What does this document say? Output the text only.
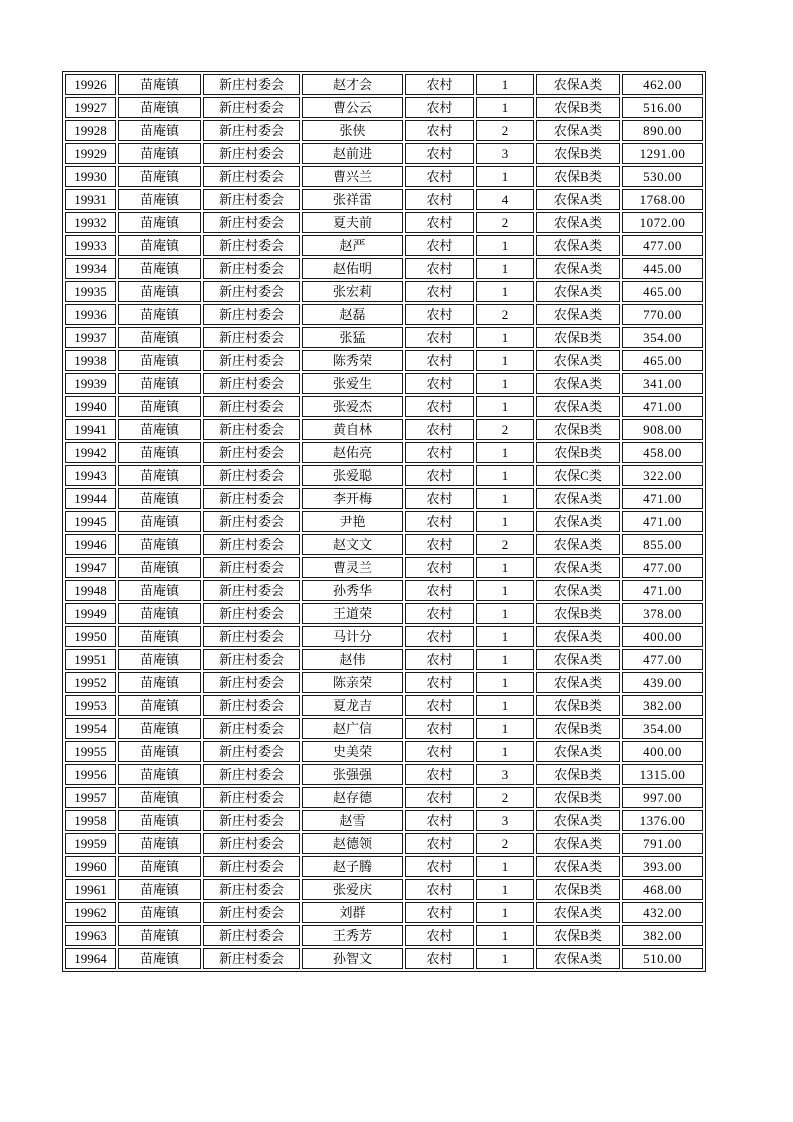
19926	苗庵镇	新庄村委会	赵才会	农村	1	农保A类	462.00
19927	苗庵镇	新庄村委会	曹公云	农村	1	农保B类	516.00
19928	苗庵镇	新庄村委会	张侠	农村	2	农保A类	890.00
19929	苗庵镇	新庄村委会	赵前进	农村	3	农保B类	1291.00
19930	苗庵镇	新庄村委会	曹兴兰	农村	1	农保B类	530.00
19931	苗庵镇	新庄村委会	张祥雷	农村	4	农保A类	1768.00
19932	苗庵镇	新庄村委会	夏夫前	农村	2	农保A类	1072.00
19933	苗庵镇	新庄村委会	赵严	农村	1	农保A类	477.00
19934	苗庵镇	新庄村委会	赵佑明	农村	1	农保A类	445.00
19935	苗庵镇	新庄村委会	张宏莉	农村	1	农保A类	465.00
19936	苗庵镇	新庄村委会	赵磊	农村	2	农保A类	770.00
19937	苗庵镇	新庄村委会	张猛	农村	1	农保B类	354.00
19938	苗庵镇	新庄村委会	陈秀荣	农村	1	农保A类	465.00
19939	苗庵镇	新庄村委会	张爱生	农村	1	农保A类	341.00
19940	苗庵镇	新庄村委会	张爱杰	农村	1	农保A类	471.00
19941	苗庵镇	新庄村委会	黄自林	农村	2	农保B类	908.00
19942	苗庵镇	新庄村委会	赵佑亮	农村	1	农保B类	458.00
19943	苗庵镇	新庄村委会	张爱聪	农村	1	农保C类	322.00
19944	苗庵镇	新庄村委会	李开梅	农村	1	农保A类	471.00
19945	苗庵镇	新庄村委会	尹艳	农村	1	农保A类	471.00
19946	苗庵镇	新庄村委会	赵文文	农村	2	农保A类	855.00
19947	苗庵镇	新庄村委会	曹灵兰	农村	1	农保A类	477.00
19948	苗庵镇	新庄村委会	孙秀华	农村	1	农保A类	471.00
19949	苗庵镇	新庄村委会	王道荣	农村	1	农保B类	378.00
19950	苗庵镇	新庄村委会	马计分	农村	1	农保A类	400.00
19951	苗庵镇	新庄村委会	赵伟	农村	1	农保A类	477.00
19952	苗庵镇	新庄村委会	陈亲荣	农村	1	农保A类	439.00
19953	苗庵镇	新庄村委会	夏龙吉	农村	1	农保B类	382.00
19954	苗庵镇	新庄村委会	赵广信	农村	1	农保B类	354.00
19955	苗庵镇	新庄村委会	史美荣	农村	1	农保A类	400.00
19956	苗庵镇	新庄村委会	张强强	农村	3	农保B类	1315.00
19957	苗庵镇	新庄村委会	赵存德	农村	2	农保B类	997.00
19958	苗庵镇	新庄村委会	赵雪	农村	3	农保A类	1376.00
19959	苗庵镇	新庄村委会	赵德领	农村	2	农保A类	791.00
19960	苗庵镇	新庄村委会	赵子腾	农村	1	农保A类	393.00
19961	苗庵镇	新庄村委会	张爱庆	农村	1	农保B类	468.00
19962	苗庵镇	新庄村委会	刘群	农村	1	农保A类	432.00
19963	苗庵镇	新庄村委会	王秀芳	农村	1	农保B类	382.00
19964	苗庵镇	新庄村委会	孙智文	农村	1	农保A类	510.00
